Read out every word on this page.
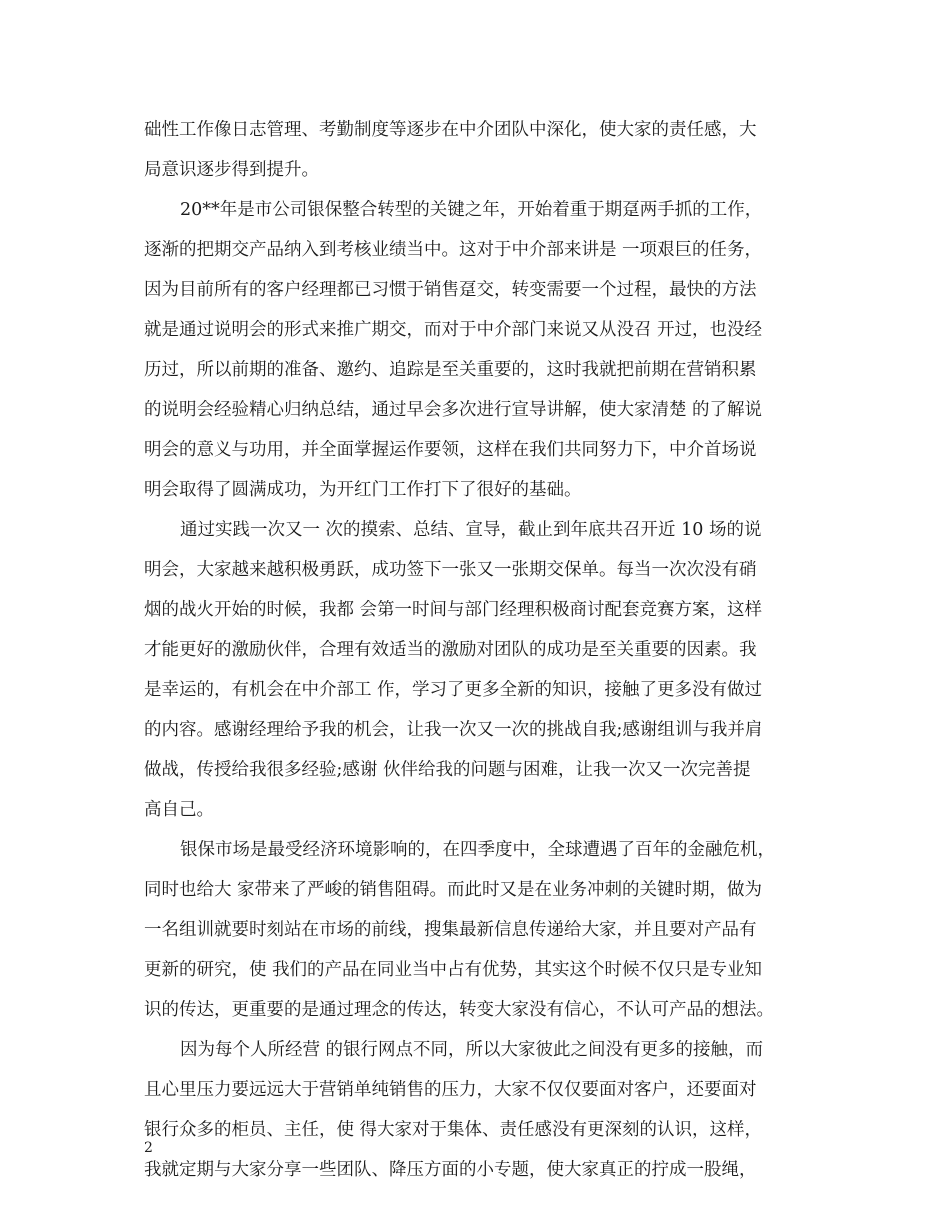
础性工作像日志管理、考勤制度等逐步在中介团队中深化，使大家的责任感，大
局意识逐步得到提升。
20**年是市公司银保整合转型的关键之年，开始着重于期趸两手抓的工作，
逐渐的把期交产品纳入到考核业绩当中。这对于中介部来讲是 一项艰巨的任务，
因为目前所有的客户经理都已习惯于销售趸交，转变需要一个过程，最快的方法
就是通过说明会的形式来推广期交，而对于中介部门来说又从没召 开过，也没经
历过，所以前期的准备、邀约、追踪是至关重要的，这时我就把前期在营销积累
的说明会经验精心归纳总结，通过早会多次进行宣导讲解，使大家清楚 的了解说
明会的意义与功用，并全面掌握运作要领，这样在我们共同努力下，中介首场说
明会取得了圆满成功，为开红门工作打下了很好的基础。
通过实践一次又一 次的摸索、总结、宣导，截止到年底共召开近 10 场的说
明会，大家越来越积极勇跃，成功签下一张又一张期交保单。每当一次次没有硝
烟的战火开始的时候，我都 会第一时间与部门经理积极商讨配套竞赛方案，这样
才能更好的激励伙伴，合理有效适当的激励对团队的成功是至关重要的因素。我
是幸运的，有机会在中介部工 作，学习了更多全新的知识，接触了更多没有做过
的内容。感谢经理给予我的机会，让我一次又一次的挑战自我;感谢组训与我并肩
做战，传授给我很多经验;感谢 伙伴给我的问题与困难，让我一次又一次完善提
高自己。
银保市场是最受经济环境影响的，在四季度中，全球遭遇了百年的金融危机，
同时也给大 家带来了严峻的销售阻碍。而此时又是在业务冲刺的关键时期，做为
一名组训就要时刻站在市场的前线，搜集最新信息传递给大家，并且要对产品有
更新的研究，使 我们的产品在同业当中占有优势，其实这个时候不仅只是专业知
识的传达，更重要的是通过理念的传达，转变大家没有信心，不认可产品的想法。
因为每个人所经营 的银行网点不同，所以大家彼此之间没有更多的接触，而
且心里压力要远远大于营销单纯销售的压力，大家不仅仅要面对客户，还要面对
银行众多的柜员、主任，使 得大家对于集体、责任感没有更深刻的认识，这样，
我就定期与大家分享一些团队、降压方面的小专题，使大家真正的拧成一股绳，
2
